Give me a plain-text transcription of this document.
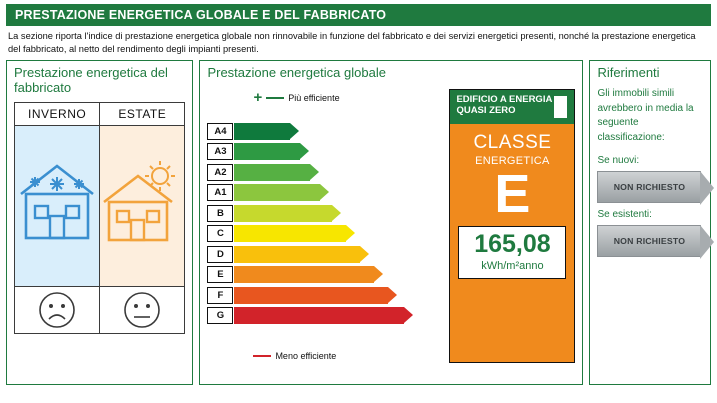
PRESTAZIONE ENERGETICA GLOBALE E DEL FABBRICATO
La sezione riporta l'indice di prestazione energetica globale non rinnovabile in funzione del fabbricato e dei servizi energetici presenti, nonché la prestazione energetica del fabbricato, al netto del rendimento degli impianti presenti.
Prestazione energetica del fabbricato
INVERNO	ESTATE
Prestazione energetica globale
+	Più efficiente
A4
A3
A2
A1
B
C
D
E
F
G
Meno efficiente
EDIFICIO A ENERGIA QUASI ZERO
CLASSE
ENERGETICA
E
165,08
kWh/m²anno
Riferimenti
Gli immobili simili avrebbero in media la seguente classificazione:
Se nuovi:
NON RICHIESTO
Se esistenti:
NON RICHIESTO
